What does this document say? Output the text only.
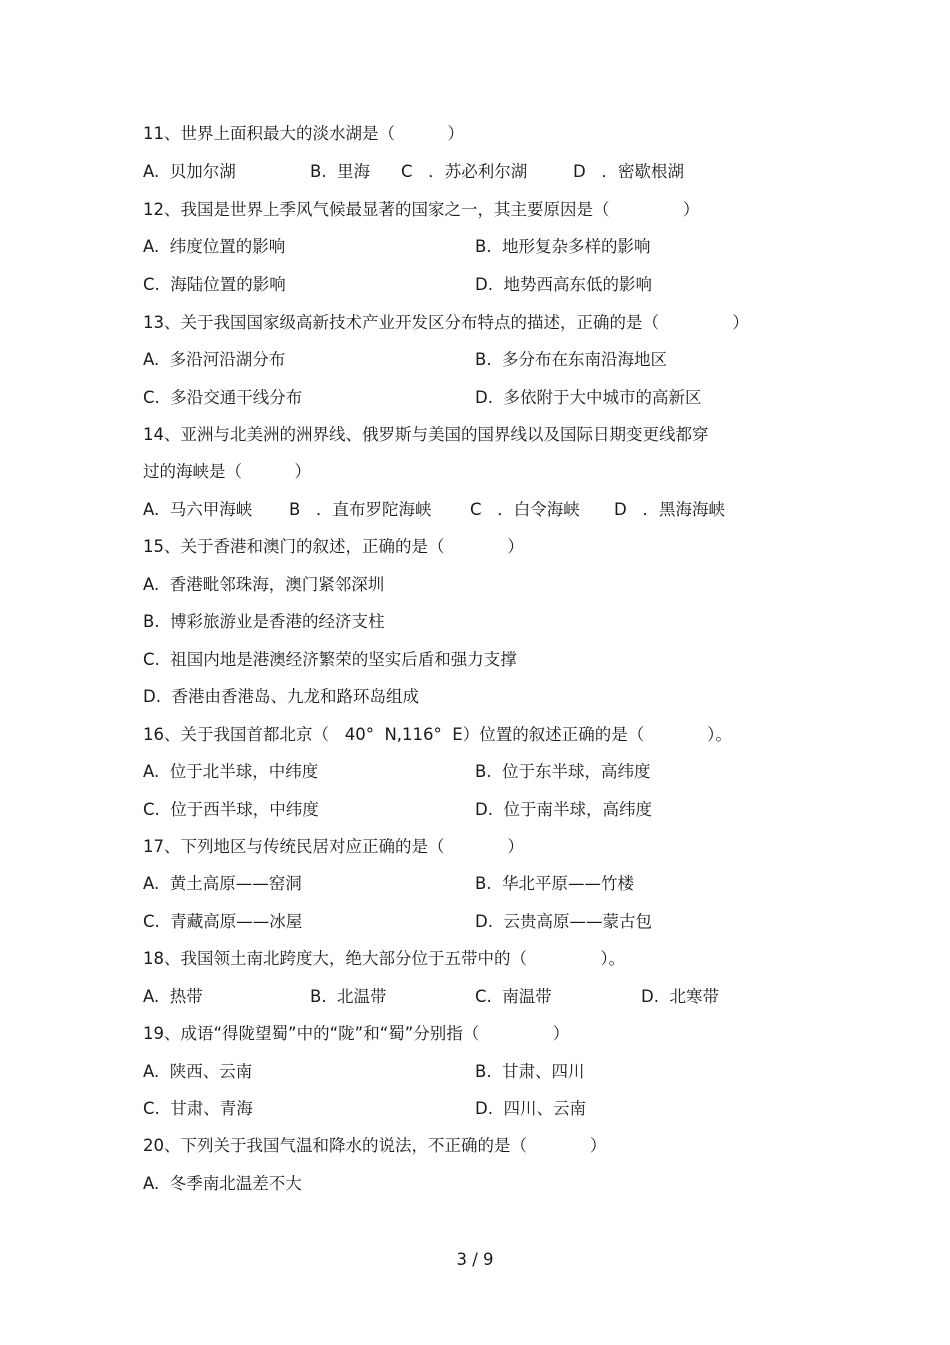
11、世界上面积最大的淡水湖是（          ）
A.  贝加尔湖	B.  里海 C   ．苏必利尔湖	D   ．密歇根湖
12、我国是世界上季风气候最显著的国家之一，其主要原因是（              ）
A.  纬度位置的影响	B.  地形复杂多样的影响
C.  海陆位置的影响	D.  地势西高东低的影响
13、关于我国国家级高新技术产业开发区分布特点的描述，正确的是（              ）
A.  多沿河沿湖分布	B.  多分布在东南沿海地区
C.  多沿交通干线分布	D.  多依附于大中城市的高新区
14、亚洲与北美洲的洲界线、俄罗斯与美国的国界线以及国际日期变更线都穿
过的海峡是（          ）
A.  马六甲海峡 B   ．直布罗陀海峡 C   ．白令海峡 D   ．黑海海峡
15、关于香港和澳门的叙述，正确的是（            ）
A.  香港毗邻珠海，澳门紧邻深圳
B.  博彩旅游业是香港的经济支柱
C.  祖国内地是港澳经济繁荣的坚实后盾和强力支撑
D.  香港由香港岛、九龙和路环岛组成
16、关于我国首都北京（   40°  N,116°  E）位置的叙述正确的是（            ）。
A.  位于北半球，中纬度	B.  位于东半球，高纬度
C.  位于西半球，中纬度	D.  位于南半球，高纬度
17、下列地区与传统民居对应正确的是（            ）
A.  黄土高原——窑洞	B.  华北平原——竹楼
C.  青藏高原——冰屋	D.  云贵高原——蒙古包
18、我国领土南北跨度大，绝大部分位于五带中的（              ）。
A.  热带	B.  北温带	C.  南温带	D.  北寒带
19、成语“得陇望蜀”中的“陇”和“蜀”分别指（              ）
A.  陕西、云南	B.  甘肃、四川
C.  甘肃、青海	D.  四川、云南
20、下列关于我国气温和降水的说法，不正确的是（            ）
A.  冬季南北温差不大
3 / 9
